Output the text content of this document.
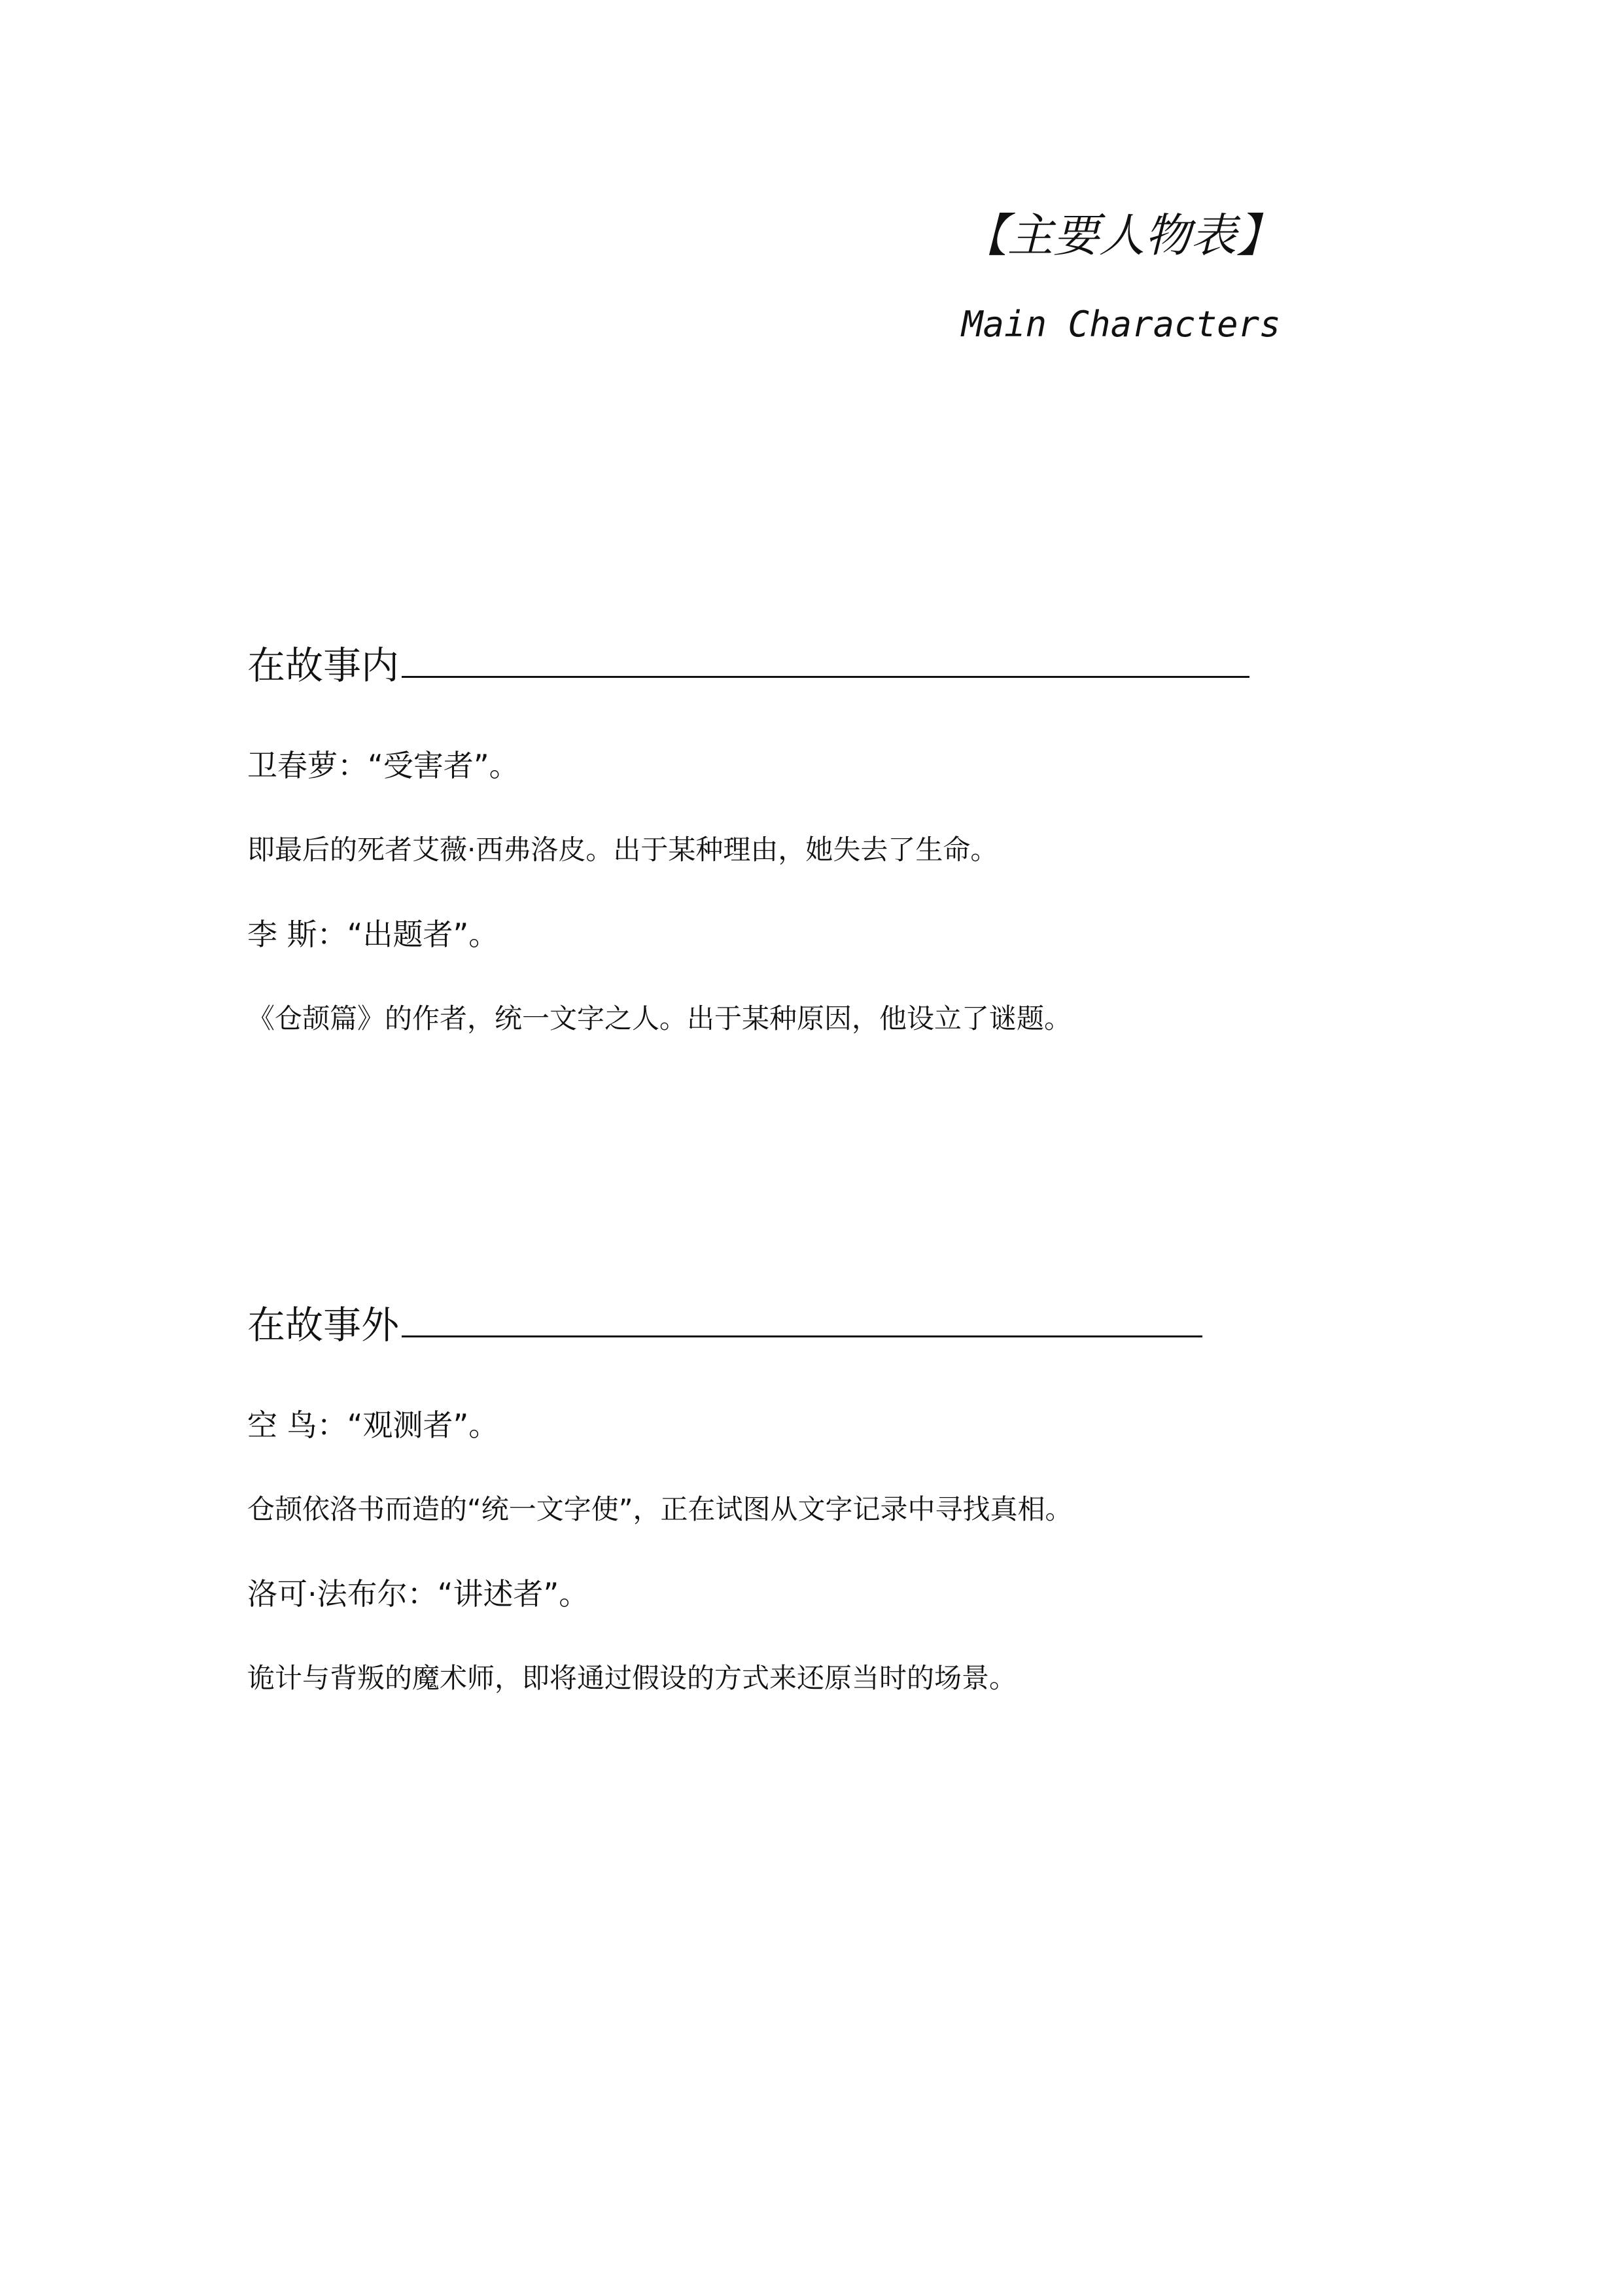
【主要人物表】
Main Characters
在故事内
卫春萝：“受害者”。
即最后的死者艾薇·西弗洛皮。出于某种理由，她失去了生命。
李 斯：“出题者”。
《仓颉篇》的作者，统一文字之人。出于某种原因，他设立了谜题。
在故事外
空 鸟：“观测者”。
仓颉依洛书而造的“统一文字使”，正在试图从文字记录中寻找真相。
洛可·法布尔：“讲述者”。
诡计与背叛的魔术师，即将通过假设的方式来还原当时的场景。
